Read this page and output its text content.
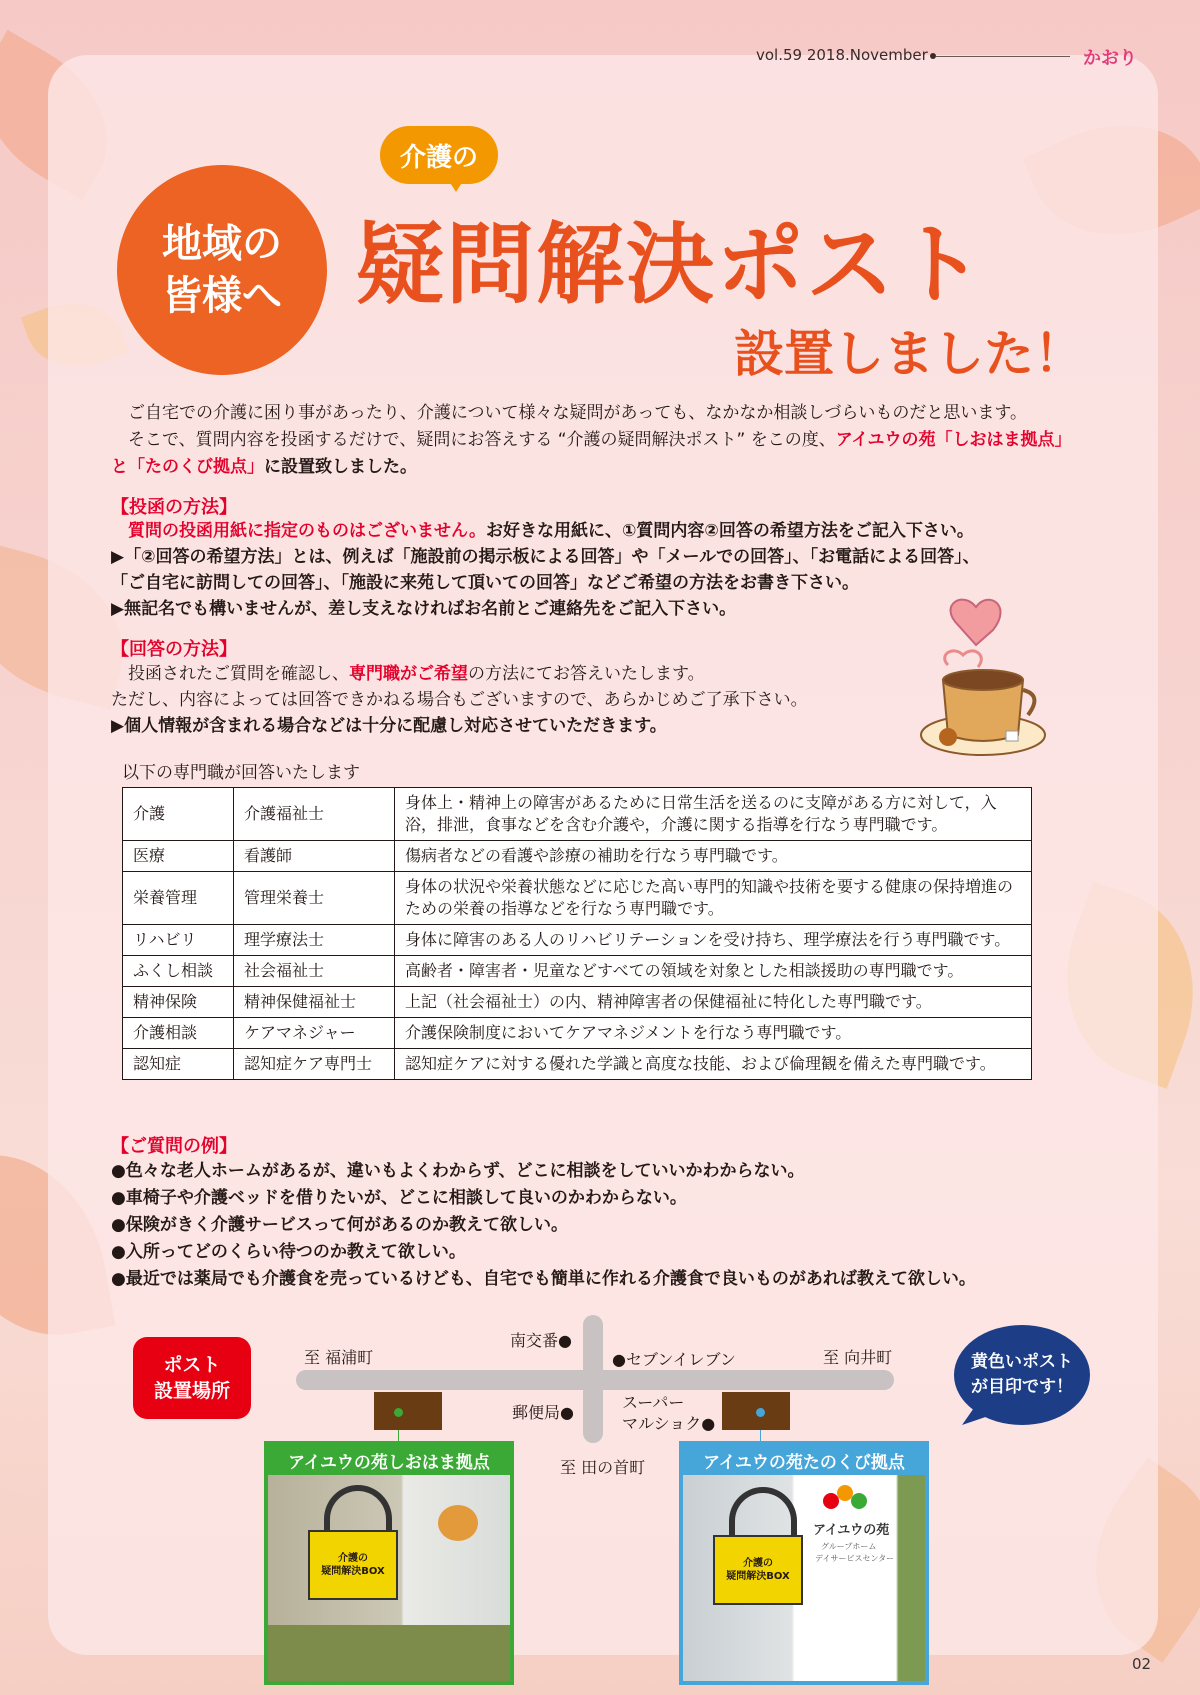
vol.59 2018.November	かおり
地域の
皆様へ
介護の
疑問解決ポスト
設置しました！

　ご自宅での介護に困り事があったり、介護について様々な疑問があっても、なかなか相談しづらいものだと思います。

　そこで、質問内容を投函するだけで、疑問にお答えする “介護の疑問解決ポスト” をこの度、アイユウの苑「しおはま拠点」

と「たのくび拠点」に設置致しました。

【投函の方法】

　質問の投函用紙に指定のものはございません。お好きな用紙に、①質問内容②回答の希望方法をご記入下さい。

▶「②回答の希望方法」とは、例えば「施設前の掲示板による回答」や「メールでの回答」、「お電話による回答」、

「ご自宅に訪問しての回答」、「施設に来苑して頂いての回答」などご希望の方法をお書き下さい。

▶無記名でも構いませんが、差し支えなければお名前とご連絡先をご記入下さい。

【回答の方法】

　投函されたご質問を確認し、専門職がご希望の方法にてお答えいたします。

ただし、内容によっては回答できかねる場合もございますので、あらかじめご了承下さい。

▶個人情報が含まれる場合などは十分に配慮し対応させていただきます。

以下の専門職が回答いたします
介護	介護福祉士	身体上・精神上の障害があるために日常生活を送るのに支障がある方に対して，入浴，排泄，食事などを含む介護や，介護に関する指導を行なう専門職です。
医療	看護師	傷病者などの看護や診療の補助を行なう専門職です。
栄養管理	管理栄養士	身体の状況や栄養状態などに応じた高い専門的知識や技術を要する健康の保持増進のための栄養の指導などを行なう専門職です。
リハビリ	理学療法士	身体に障害のある人のリハビリテーションを受け持ち、理学療法を行う専門職です。
ふくし相談	社会福祉士	高齢者・障害者・児童などすべての領域を対象とした相談援助の専門職です。
精神保険	精神保健福祉士	上記（社会福祉士）の内、精神障害者の保健福祉に特化した専門職です。
介護相談	ケアマネジャー	介護保険制度においてケアマネジメントを行なう専門職です。
認知症	認知症ケア専門士	認知症ケアに対する優れた学識と高度な技能、および倫理観を備えた専門職です。
【ご質問の例】

●色々な老人ホームがあるが、違いもよくわからず、どこに相談をしていいかわからない。

●車椅子や介護ベッドを借りたいが、どこに相談して良いのかわからない。

●保険がきく介護サービスって何があるのか教えて欲しい。

●入所ってどのくらい待つのか教えて欲しい。

●最近では薬局でも介護食を売っているけども、自宅でも簡単に作れる介護食で良いものがあれば教えて欲しい。

ポスト
設置場所
至 福浦町	至 向井町
至 田の首町
南交番●
●セブンイレブン
郵便局●
スーパー
マルショク●
黄色いポスト
が目印です！
アイユウの苑しおはま拠点
介護の
疑問解決BOX
アイユウの苑たのくび拠点
介護の
疑問解決BOX
アイユウの苑
グループホーム
デイサービスセンター
02
